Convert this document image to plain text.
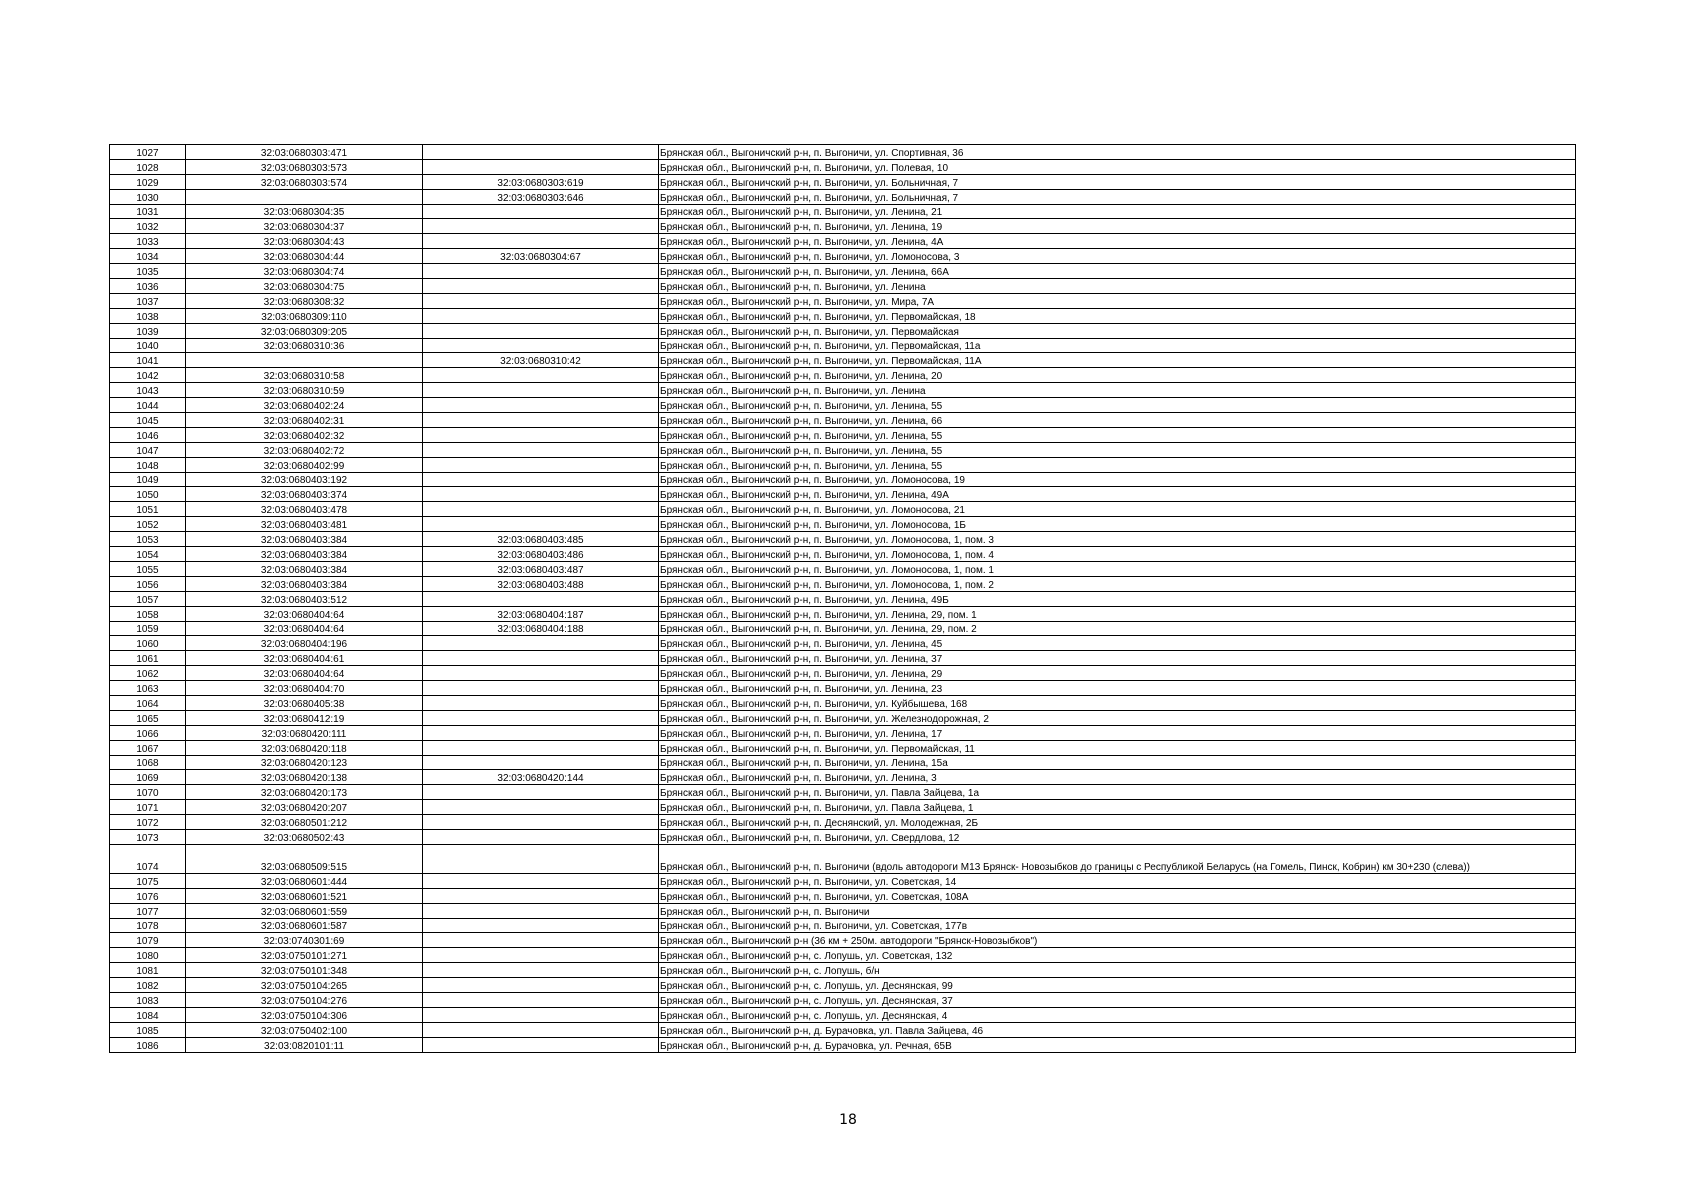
1027	32:03:0680303:471		Брянская обл., Выгоничский р-н, п. Выгоничи, ул. Спортивная, 36
1028	32:03:0680303:573		Брянская обл., Выгоничский р-н, п. Выгоничи, ул. Полевая, 10
1029	32:03:0680303:574	32:03:0680303:619	Брянская обл., Выгоничский р-н, п. Выгоничи, ул. Больничная, 7
1030		32:03:0680303:646	Брянская обл., Выгоничский р-н, п. Выгоничи, ул. Больничная, 7
1031	32:03:0680304:35		Брянская обл., Выгоничский р-н, п. Выгоничи, ул. Ленина, 21
1032	32:03:0680304:37		Брянская обл., Выгоничский р-н, п. Выгоничи, ул. Ленина, 19
1033	32:03:0680304:43		Брянская обл., Выгоничский р-н, п. Выгоничи, ул. Ленина, 4А
1034	32:03:0680304:44	32:03:0680304:67	Брянская обл., Выгоничский р-н, п. Выгоничи, ул. Ломоносова, 3
1035	32:03:0680304:74		Брянская обл., Выгоничский р-н, п. Выгоничи, ул. Ленина, 66А
1036	32:03:0680304:75		Брянская обл., Выгоничский р-н, п. Выгоничи, ул. Ленина
1037	32:03:0680308:32		Брянская обл., Выгоничский р-н, п. Выгоничи, ул. Мира, 7А
1038	32:03:0680309:110		Брянская обл., Выгоничский р-н, п. Выгоничи, ул. Первомайская, 18
1039	32:03:0680309:205		Брянская обл., Выгоничский р-н, п. Выгоничи, ул. Первомайская
1040	32:03:0680310:36		Брянская обл., Выгоничский р-н, п. Выгоничи, ул. Первомайская, 11а
1041		32:03:0680310:42	Брянская обл., Выгоничский р-н, п. Выгоничи, ул. Первомайская, 11А
1042	32:03:0680310:58		Брянская обл., Выгоничский р-н, п. Выгоничи, ул. Ленина, 20
1043	32:03:0680310:59		Брянская обл., Выгоничский р-н, п. Выгоничи, ул. Ленина
1044	32:03:0680402:24		Брянская обл., Выгоничский р-н, п. Выгоничи, ул. Ленина, 55
1045	32:03:0680402:31		Брянская обл., Выгоничский р-н, п. Выгоничи, ул. Ленина, 66
1046	32:03:0680402:32		Брянская обл., Выгоничский р-н, п. Выгоничи, ул. Ленина, 55
1047	32:03:0680402:72		Брянская обл., Выгоничский р-н, п. Выгоничи, ул. Ленина, 55
1048	32:03:0680402:99		Брянская обл., Выгоничский р-н, п. Выгоничи, ул. Ленина, 55
1049	32:03:0680403:192		Брянская обл., Выгоничский р-н, п. Выгоничи, ул. Ломоносова, 19
1050	32:03:0680403:374		Брянская обл., Выгоничский р-н, п. Выгоничи, ул. Ленина, 49А
1051	32:03:0680403:478		Брянская обл., Выгоничский р-н, п. Выгоничи, ул. Ломоносова, 21
1052	32:03:0680403:481		Брянская обл., Выгоничский р-н, п. Выгоничи, ул. Ломоносова, 1Б
1053	32:03:0680403:384	32:03:0680403:485	Брянская обл., Выгоничский р-н, п. Выгоничи, ул. Ломоносова, 1, пом. 3
1054	32:03:0680403:384	32:03:0680403:486	Брянская обл., Выгоничский р-н, п. Выгоничи, ул. Ломоносова, 1, пом. 4
1055	32:03:0680403:384	32:03:0680403:487	Брянская обл., Выгоничский р-н, п. Выгоничи, ул. Ломоносова, 1, пом. 1
1056	32:03:0680403:384	32:03:0680403:488	Брянская обл., Выгоничский р-н, п. Выгоничи, ул. Ломоносова, 1, пом. 2
1057	32:03:0680403:512		Брянская обл., Выгоничский р-н, п. Выгоничи, ул. Ленина, 49Б
1058	32:03:0680404:64	32:03:0680404:187	Брянская обл., Выгоничский р-н, п. Выгоничи, ул. Ленина, 29, пом. 1
1059	32:03:0680404:64	32:03:0680404:188	Брянская обл., Выгоничский р-н, п. Выгоничи, ул. Ленина, 29, пом. 2
1060	32:03:0680404:196		Брянская обл., Выгоничский р-н, п. Выгоничи, ул. Ленина, 45
1061	32:03:0680404:61		Брянская обл., Выгоничский р-н, п. Выгоничи, ул. Ленина, 37
1062	32:03:0680404:64		Брянская обл., Выгоничский р-н, п. Выгоничи, ул. Ленина, 29
1063	32:03:0680404:70		Брянская обл., Выгоничский р-н, п. Выгоничи, ул. Ленина, 23
1064	32:03:0680405:38		Брянская обл., Выгоничский р-н, п. Выгоничи, ул. Куйбышева, 168
1065	32:03:0680412:19		Брянская обл., Выгоничский р-н, п. Выгоничи, ул. Железнодорожная, 2
1066	32:03:0680420:111		Брянская обл., Выгоничский р-н, п. Выгоничи, ул. Ленина, 17
1067	32:03:0680420:118		Брянская обл., Выгоничский р-н, п. Выгоничи, ул. Первомайская, 11
1068	32:03:0680420:123		Брянская обл., Выгоничский р-н, п. Выгоничи, ул. Ленина, 15а
1069	32:03:0680420:138	32:03:0680420:144	Брянская обл., Выгоничский р-н, п. Выгоничи, ул. Ленина, 3
1070	32:03:0680420:173		Брянская обл., Выгоничский р-н, п. Выгоничи, ул. Павла Зайцева, 1а
1071	32:03:0680420:207		Брянская обл., Выгоничский р-н, п. Выгоничи, ул. Павла Зайцева, 1
1072	32:03:0680501:212		Брянская обл., Выгоничский р-н, п. Деснянский, ул. Молодежная, 2Б
1073	32:03:0680502:43		Брянская обл., Выгоничский р-н, п. Выгоничи, ул. Свердлова, 12
1074	32:03:0680509:515		Брянская обл., Выгоничский р-н, п. Выгоничи (вдоль автодороги М13 Брянск- Новозыбков до границы с Республикой Беларусь (на Гомель, Пинск, Кобрин) км 30+230 (слева))
1075	32:03:0680601:444		Брянская обл., Выгоничский р-н, п. Выгоничи, ул. Советская, 14
1076	32:03:0680601:521		Брянская обл., Выгоничский р-н, п. Выгоничи, ул. Советская, 108А
1077	32:03:0680601:559		Брянская обл., Выгоничский р-н, п. Выгоничи
1078	32:03:0680601:587		Брянская обл., Выгоничский р-н, п. Выгоничи, ул. Советская, 177в
1079	32:03:0740301:69		Брянская обл., Выгоничский р-н (36 км + 250м. автодороги "Брянск-Новозыбков")
1080	32:03:0750101:271		Брянская обл., Выгоничский р-н, с. Лопушь, ул. Советская, 132
1081	32:03:0750101:348		Брянская обл., Выгоничский р-н, с. Лопушь, б/н
1082	32:03:0750104:265		Брянская обл., Выгоничский р-н, с. Лопушь, ул. Деснянская, 99
1083	32:03:0750104:276		Брянская обл., Выгоничский р-н, с. Лопушь, ул. Деснянская, 37
1084	32:03:0750104:306		Брянская обл., Выгоничский р-н, с. Лопушь, ул. Деснянская, 4
1085	32:03:0750402:100		Брянская обл., Выгоничский р-н, д. Бурачовка, ул. Павла Зайцева, 46
1086	32:03:0820101:11		Брянская обл., Выгоничский р-н, д. Бурачовка, ул. Речная, 65В
18
